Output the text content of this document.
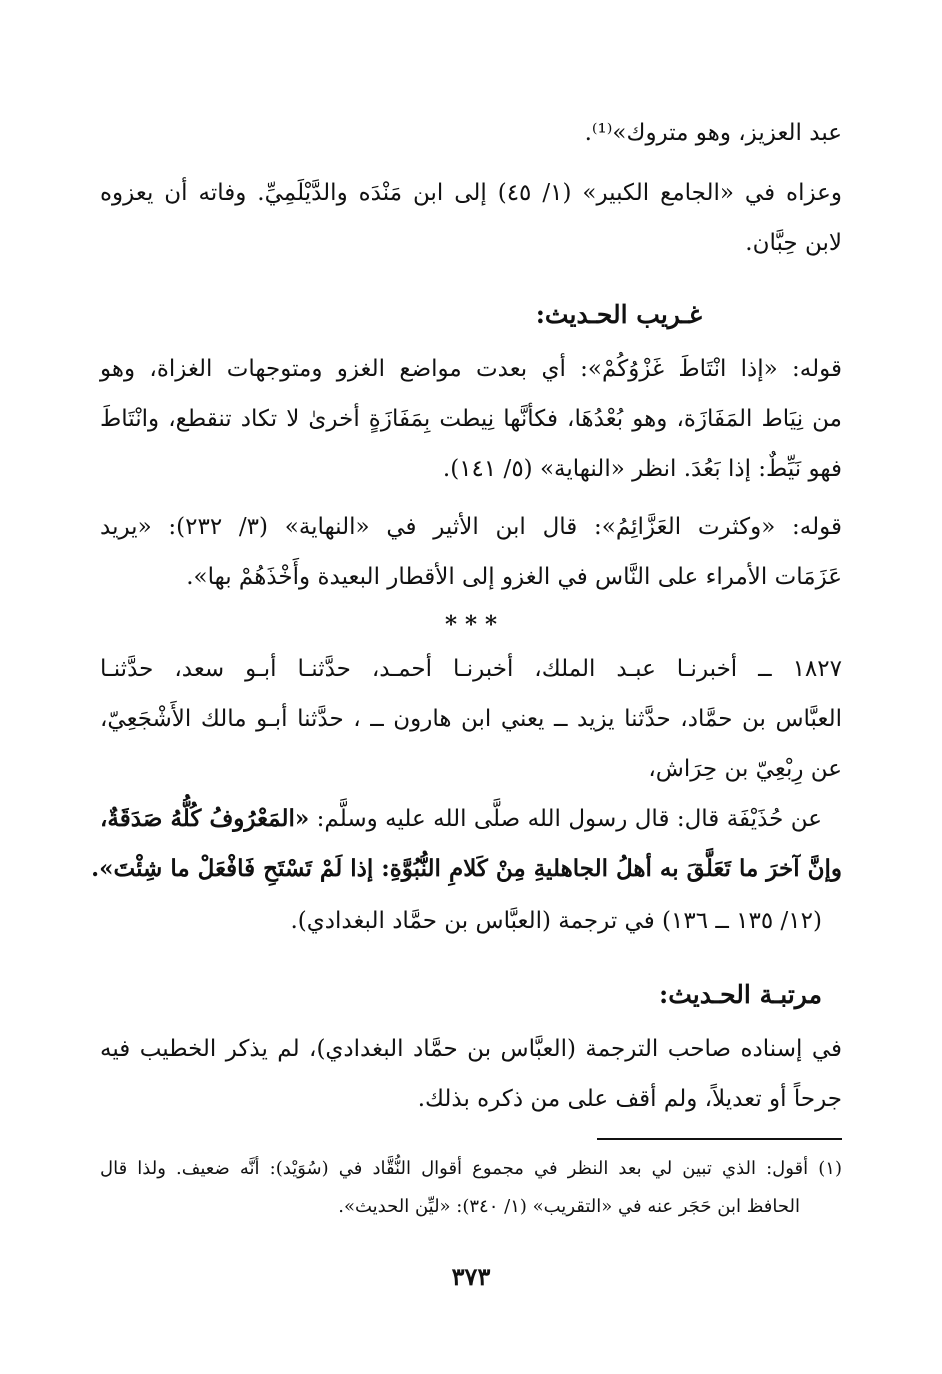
عبد العزيز، وهو متروك»⁽¹⁾.
وعزاه في «الجامع الكبير» (١/ ٤٥) إلى ابن مَنْدَه والدَّيْلَمِيِّ. وفاته أن يعزوه
لابن حِبَّان.
غـريب الحـديث:
قوله: «إذا انْتَاطَ غَزْوُكُمْ»: أي بعدت مواضع الغزو ومتوجهات الغزاة، وهو
من نِيَاط المَفَازَة، وهو بُعْدُهَا، فكأنَّها نِيطت بِمَفَازَةٍ أخرىٰ لا تكاد تنقطع، وانْتَاطَ
فهو نَيِّطٌ: إذا بَعُدَ. انظر «النهاية» (٥/ ١٤١).
قوله: «وكثرت العَزَّائِمُ»: قال ابن الأثير في «النهاية» (٣/ ٢٣٢): «يريد
عَزَمَات الأمراء على النَّاس في الغزو إلى الأقطار البعيدة وأَخْذَهُمْ بها».
* * *
١٨٢٧ ــ أخبرنـا عبـد الملك، أخبرنـا أحمـد، حدَّثنـا أبـو سعد، حدَّثنـا
العبَّاس بن حمَّاد، حدَّثنا يزيد ــ يعني ابن هارون ــ ، حدَّثنا أبـو مالك الأَشْجَعِيّ،
عن رِبْعِيّ بن حِرَاش،
عن حُذَيْفَة قال: قال رسول الله صلَّى الله عليه وسلَّم: «المَعْرُوفُ كُلُّهُ صَدَقَةٌ،
وإنَّ آخرَ ما تَعَلَّقَ به أهلُ الجاهليةِ مِنْ كَلامِ النُّبُوَّةِ: إذا لَمْ تَسْتَحِ فَافْعَلْ ما شِئْتَ».
(١٢/ ١٣٥ ــ ١٣٦) في ترجمة (العبَّاس بن حمَّاد البغدادي).
مرتبـة الحـديث:
في إسناده صاحب الترجمة (العبَّاس بن حمَّاد البغدادي)، لم يذكر الخطيب فيه
جرحاً أو تعديلاً، ولم أقف على من ذكره بذلك.
(١) أقول: الذي تبين لي بعد النظر في مجموع أقوال النُّقَّاد في (سُوَيْد): أنَّه ضعيف. ولذا قال
الحافظ ابن حَجَر عنه في «التقريب» (١/ ٣٤٠): «ليِّن الحديث».
٣٧٣
